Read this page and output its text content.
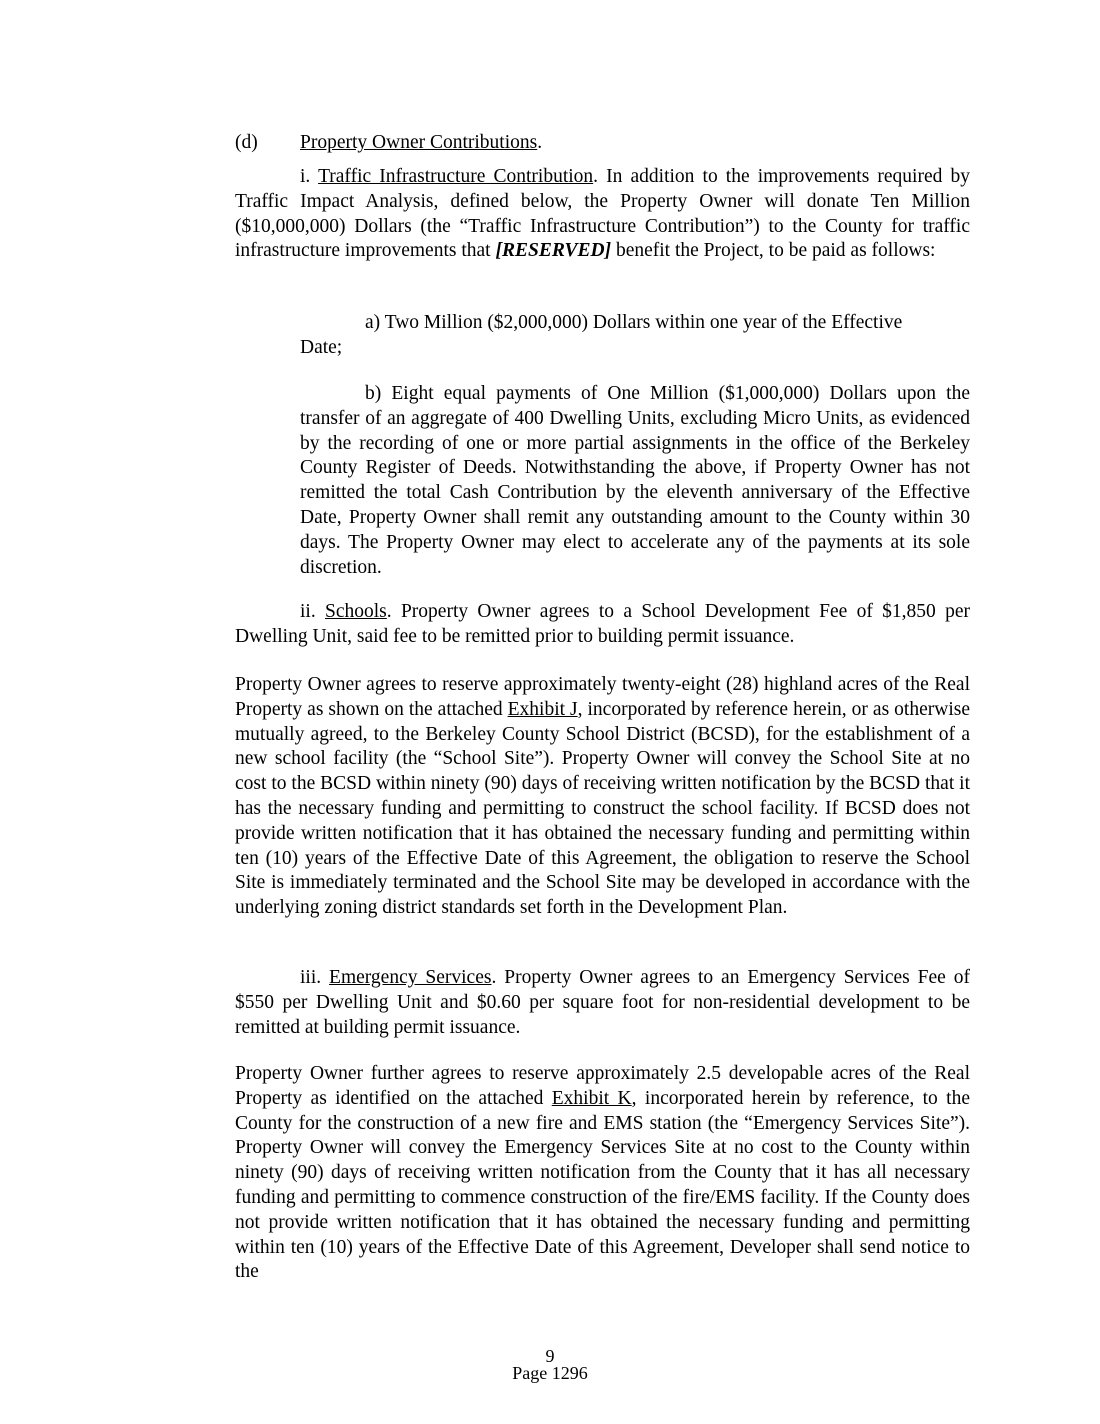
(d) Property Owner Contributions.

i. Traffic Infrastructure Contribution. In addition to the improvements required by Traffic Impact Analysis, defined below, the Property Owner will donate Ten Million ($10,000,000) Dollars (the “Traffic Infrastructure Contribution”) to the County for traffic infrastructure improvements that [RESERVED] benefit the Project, to be paid as follows:

a) Two Million ($2,000,000) Dollars within one year of the Effective
Date;

b) Eight equal payments of One Million ($1,000,000) Dollars upon the transfer of an aggregate of 400 Dwelling Units, excluding Micro Units, as evidenced by the recording of one or more partial assignments in the office of the Berkeley County Register of Deeds. Notwithstanding the above, if Property Owner has not remitted the total Cash Contribution by the eleventh anniversary of the Effective Date, Property Owner shall remit any outstanding amount to the County within 30 days. The Property Owner may elect to accelerate any of the payments at its sole discretion.

ii. Schools. Property Owner agrees to a School Development Fee of $1,850 per Dwelling Unit, said fee to be remitted prior to building permit issuance.

Property Owner agrees to reserve approximately twenty-eight (28) highland acres of the Real Property as shown on the attached Exhibit J, incorporated by reference herein, or as otherwise mutually agreed, to the Berkeley County School District (BCSD), for the establishment of a new school facility (the “School Site”). Property Owner will convey the School Site at no cost to the BCSD within ninety (90) days of receiving written notification by the BCSD that it has the necessary funding and permitting to construct the school facility. If BCSD does not provide written notification that it has obtained the necessary funding and permitting within ten (10) years of the Effective Date of this Agreement, the obligation to reserve the School Site is immediately terminated and the School Site may be developed in accordance with the underlying zoning district standards set forth in the Development Plan.

iii. Emergency Services. Property Owner agrees to an Emergency Services Fee of $550 per Dwelling Unit and $0.60 per square foot for non-residential development to be remitted at building permit issuance.

Property Owner further agrees to reserve approximately 2.5 developable acres of the Real Property as identified on the attached Exhibit K, incorporated herein by reference, to the County for the construction of a new fire and EMS station (the “Emergency Services Site”). Property Owner will convey the Emergency Services Site at no cost to the County within ninety (90) days of receiving written notification from the County that it has all necessary funding and permitting to commence construction of the fire/EMS facility. If the County does not provide written notification that it has obtained the necessary funding and permitting within ten (10) years of the Effective Date of this Agreement, Developer shall send notice to the

9

Page 1296
